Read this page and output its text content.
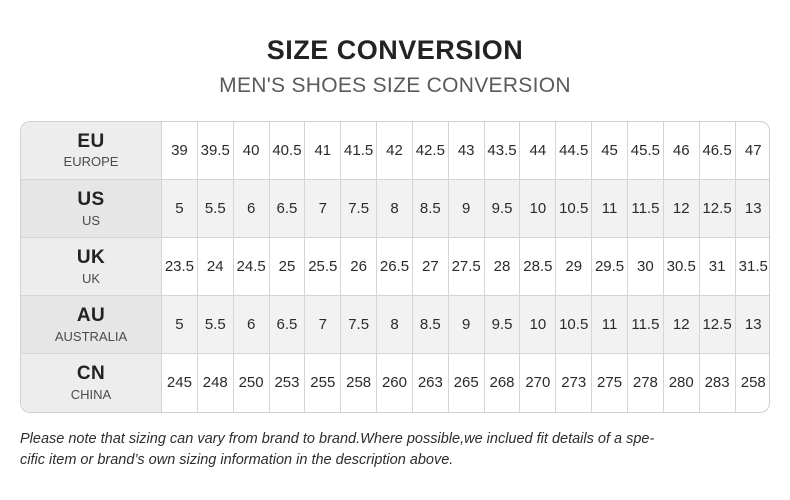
SIZE CONVERSION
MEN'S SHOES SIZE CONVERSION
EU
EUROPE	39	39.5	40	40.5	41	41.5	42	42.5	43	43.5	44	44.5	45	45.5	46	46.5	47

US
US	5	5.5	6	6.5	7	7.5	8	8.5	9	9.5	10	10.5	11	11.5	12	12.5	13

UK
UK	23.5	24	24.5	25	25.5	26	26.5	27	27.5	28	28.5	29	29.5	30	30.5	31	31.5

AU
AUSTRALIA	5	5.5	6	6.5	7	7.5	8	8.5	9	9.5	10	10.5	11	11.5	12	12.5	13

CN
CHINA	245	248	250	253	255	258	260	263	265	268	270	273	275	278	280	283	258
Please note that sizing can vary from brand to brand.Where possible,we inclued fit details of a spe-
cific item or brand’s own sizing information in the description above.
